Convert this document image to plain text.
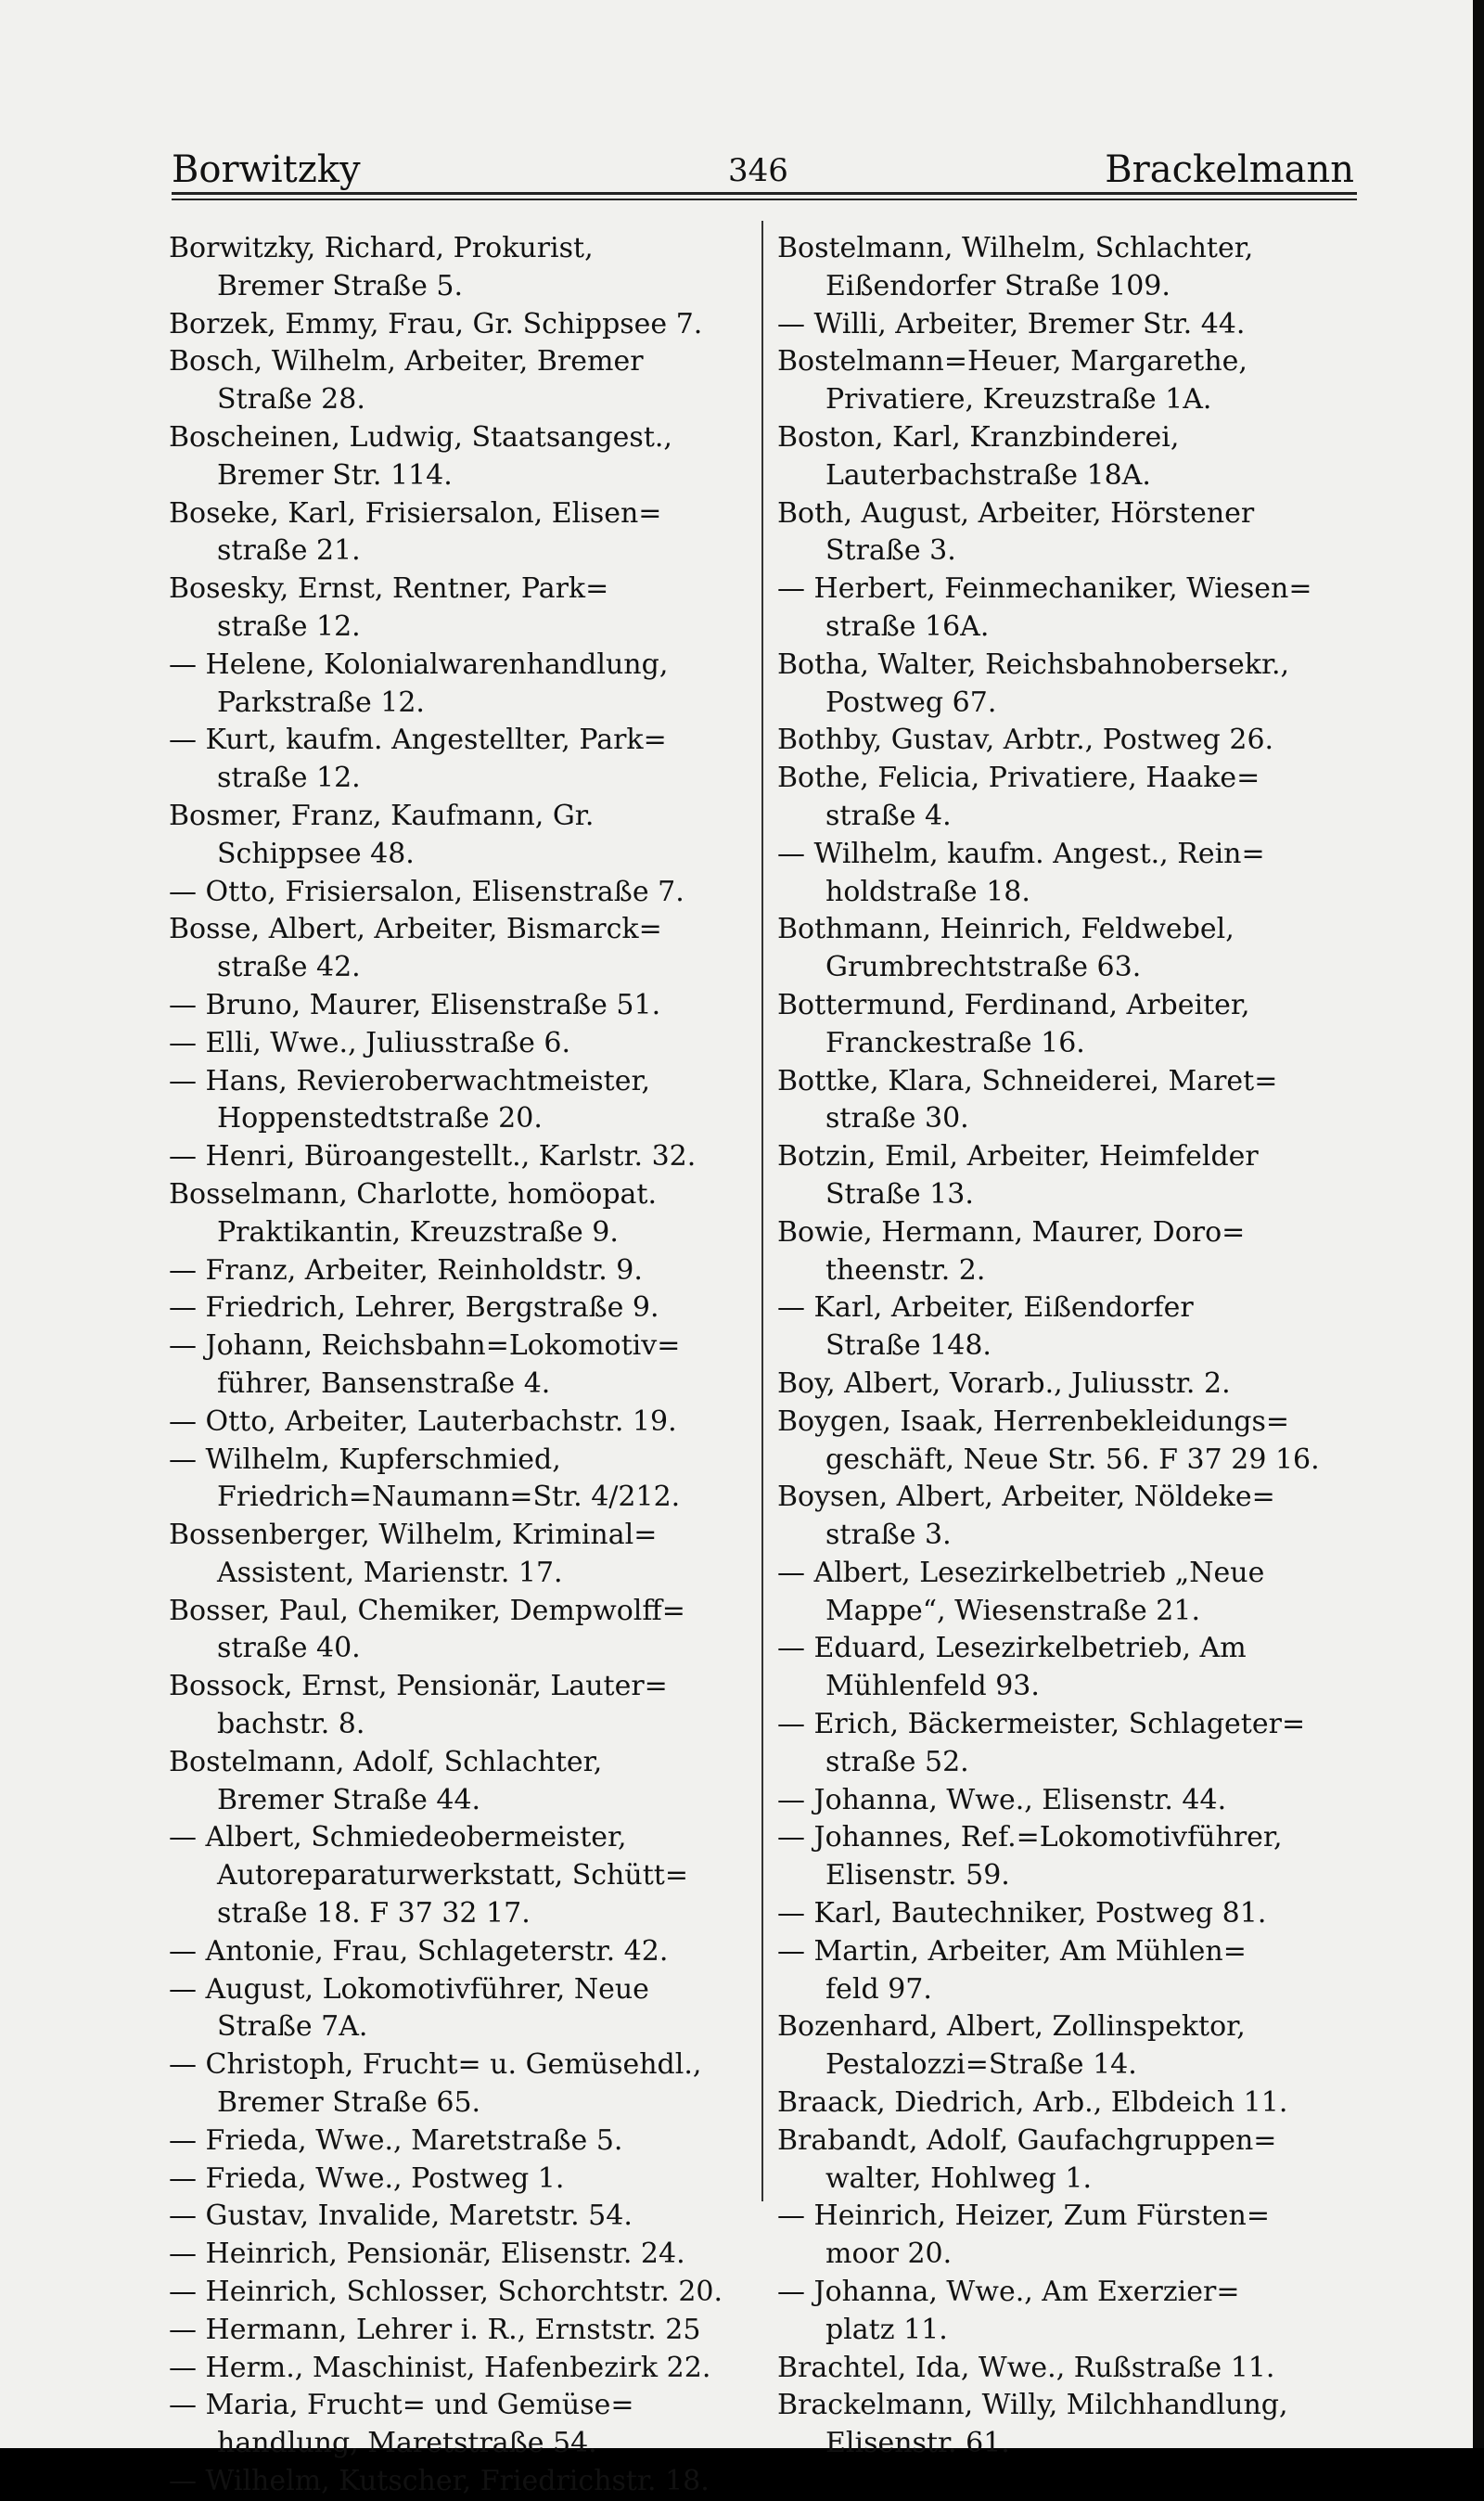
Borwitzky	346	Brackelmann
Borwitzky, Richard, Prokurist,
Bremer Straße 5.
Borzek, Emmy, Frau, Gr. Schippsee 7.
Bosch, Wilhelm, Arbeiter, Bremer
Straße 28.
Boscheinen, Ludwig, Staatsangest.,
Bremer Str. 114.
Boseke, Karl, Frisiersalon, Elisen=
straße 21.
Bosesky, Ernst, Rentner, Park=
straße 12.
— Helene, Kolonialwarenhandlung,
Parkstraße 12.
— Kurt, kaufm. Angestellter, Park=
straße 12.
Bosmer, Franz, Kaufmann, Gr.
Schippsee 48.
— Otto, Frisiersalon, Elisenstraße 7.
Bosse, Albert, Arbeiter, Bismarck=
straße 42.
— Bruno, Maurer, Elisenstraße 51.
— Elli, Wwe., Juliusstraße 6.
— Hans, Revieroberwachtmeister,
Hoppenstedtstraße 20.
— Henri, Büroangestellt., Karlstr. 32.
Bosselmann, Charlotte, homöopat.
Praktikantin, Kreuzstraße 9.
— Franz, Arbeiter, Reinholdstr. 9.
— Friedrich, Lehrer, Bergstraße 9.
— Johann, Reichsbahn=Lokomotiv=
führer, Bansenstraße 4.
— Otto, Arbeiter, Lauterbachstr. 19.
— Wilhelm, Kupferschmied,
Friedrich=Naumann=Str. 4/212.
Bossenberger, Wilhelm, Kriminal=
Assistent, Marienstr. 17.
Bosser, Paul, Chemiker, Dempwolff=
straße 40.
Bossock, Ernst, Pensionär, Lauter=
bachstr. 8.
Bostelmann, Adolf, Schlachter,
Bremer Straße 44.
— Albert, Schmiedeobermeister,
Autoreparaturwerkstatt, Schütt=
straße 18. F 37 32 17.
— Antonie, Frau, Schlageterstr. 42.
— August, Lokomotivführer, Neue
Straße 7A.
— Christoph, Frucht= u. Gemüsehdl.,
Bremer Straße 65.
— Frieda, Wwe., Maretstraße 5.
— Frieda, Wwe., Postweg 1.
— Gustav, Invalide, Maretstr. 54.
— Heinrich, Pensionär, Elisenstr. 24.
— Heinrich, Schlosser, Schorchtstr. 20.
— Hermann, Lehrer i. R., Ernststr. 25
— Herm., Maschinist, Hafenbezirk 22.
— Maria, Frucht= und Gemüse=
handlung, Maretstraße 54.
— Wilhelm, Kutscher, Friedrichstr. 18.
Bostelmann, Wilhelm, Schlachter,
Eißendorfer Straße 109.
— Willi, Arbeiter, Bremer Str. 44.
Bostelmann=Heuer, Margarethe,
Privatiere, Kreuzstraße 1A.
Boston, Karl, Kranzbinderei,
Lauterbachstraße 18A.
Both, August, Arbeiter, Hörstener
Straße 3.
— Herbert, Feinmechaniker, Wiesen=
straße 16A.
Botha, Walter, Reichsbahnobersekr.,
Postweg 67.
Bothby, Gustav, Arbtr., Postweg 26.
Bothe, Felicia, Privatiere, Haake=
straße 4.
— Wilhelm, kaufm. Angest., Rein=
holdstraße 18.
Bothmann, Heinrich, Feldwebel,
Grumbrechtstraße 63.
Bottermund, Ferdinand, Arbeiter,
Franckestraße 16.
Bottke, Klara, Schneiderei, Maret=
straße 30.
Botzin, Emil, Arbeiter, Heimfelder
Straße 13.
Bowie, Hermann, Maurer, Doro=
theenstr. 2.
— Karl, Arbeiter, Eißendorfer
Straße 148.
Boy, Albert, Vorarb., Juliusstr. 2.
Boygen, Isaak, Herrenbekleidungs=
geschäft, Neue Str. 56. F 37 29 16.
Boysen, Albert, Arbeiter, Nöldeke=
straße 3.
— Albert, Lesezirkelbetrieb „Neue
Mappe“, Wiesenstraße 21.
— Eduard, Lesezirkelbetrieb, Am
Mühlenfeld 93.
— Erich, Bäckermeister, Schlageter=
straße 52.
— Johanna, Wwe., Elisenstr. 44.
— Johannes, Ref.=Lokomotivführer,
Elisenstr. 59.
— Karl, Bautechniker, Postweg 81.
— Martin, Arbeiter, Am Mühlen=
feld 97.
Bozenhard, Albert, Zollinspektor,
Pestalozzi=Straße 14.
Braack, Diedrich, Arb., Elbdeich 11.
Brabandt, Adolf, Gaufachgruppen=
walter, Hohlweg 1.
— Heinrich, Heizer, Zum Fürsten=
moor 20.
— Johanna, Wwe., Am Exerzier=
platz 11.
Brachtel, Ida, Wwe., Rußstraße 11.
Brackelmann, Willy, Milchhandlung,
Elisenstr. 61.
